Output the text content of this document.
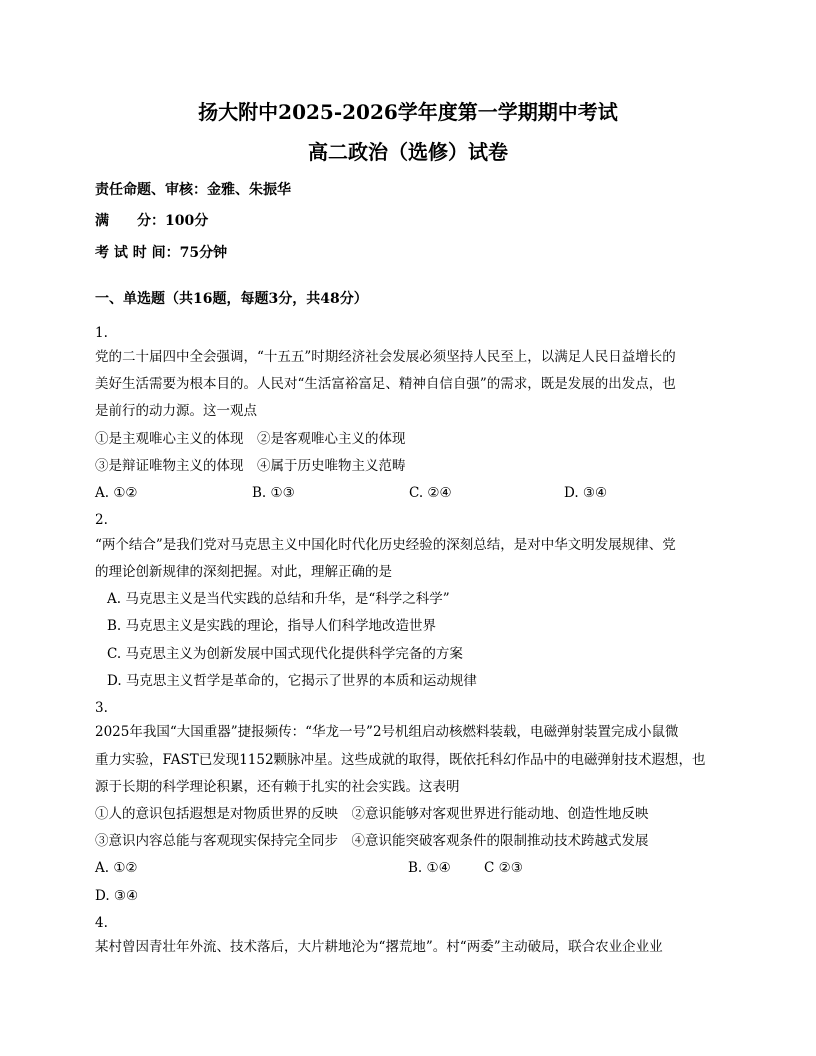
扬大附中2025-2026学年度第一学期期中考试
高二政治（选修）试卷
责任命题、审核：金雅、朱振华
满　　分：100分
考 试 时 间：75分钟
一、单选题（共16题，每题3分，共48分）
1.
党的二十届四中全会强调，“十五五”时期经济社会发展必须坚持人民至上，以满足人民日益增长的
美好生活需要为根本目的。人民对“生活富裕富足、精神自信自强”的需求，既是发展的出发点，也
是前行的动力源。这一观点
①是主观唯心主义的体现　②是客观唯心主义的体现
③是辩证唯物主义的体现　④属于历史唯物主义范畴
A. ①②	B. ①③	C. ②④	D. ③④
2.
“两个结合”是我们党对马克思主义中国化时代化历史经验的深刻总结，是对中华文明发展规律、党
的理论创新规律的深刻把握。对此，理解正确的是
A. 马克思主义是当代实践的总结和升华，是“科学之科学”
B. 马克思主义是实践的理论，指导人们科学地改造世界
C. 马克思主义为创新发展中国式现代化提供科学完备的方案
D. 马克思主义哲学是革命的，它揭示了世界的本质和运动规律
3.
2025年我国“大国重器”捷报频传：“华龙一号”2号机组启动核燃料装载，电磁弹射装置完成小鼠微
重力实验，FAST已发现1152颗脉冲星。这些成就的取得，既依托科幻作品中的电磁弹射技术遐想，也
源于长期的科学理论积累，还有赖于扎实的社会实践。这表明
①人的意识包括遐想是对物质世界的反映　②意识能够对客观世界进行能动地、创造性地反映
③意识内容总能与客观现实保持完全同步　④意识能突破客观条件的限制推动技术跨越式发展
A. ①②	B. ①④ C ②③
D. ③④
4.
某村曾因青壮年外流、技术落后，大片耕地沦为“撂荒地”。村“两委”主动破局，联合农业企业业
